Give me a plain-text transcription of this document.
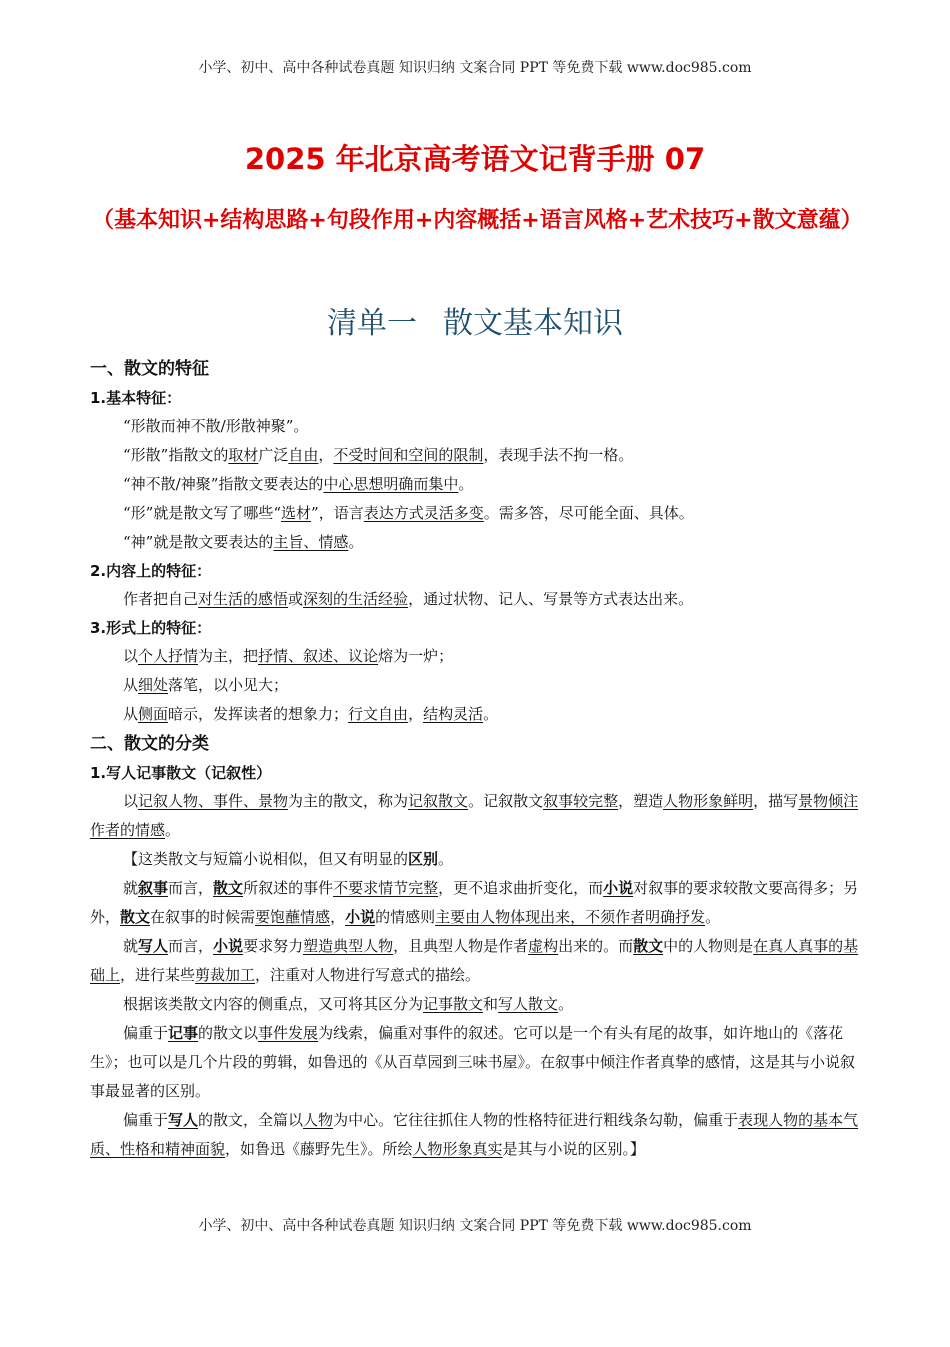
小学、初中、高中各种试卷真题 知识归纳 文案合同 PPT 等免费下载 www.doc985.com
2025 年北京高考语文记背手册 07
（基本知识+结构思路+句段作用+内容概括+语言风格+艺术技巧+散文意蕴）
清单一 散文基本知识

一、散文的特征

1.基本特征：

“形散而神不散/形散神聚”。

“形散”指散文的取材广泛自由，不受时间和空间的限制，表现手法不拘一格。

“神不散/神聚”指散文要表达的中心思想明确而集中。

“形”就是散文写了哪些“选材”，语言表达方式灵活多变。需多答，尽可能全面、具体。

“神”就是散文要表达的主旨、情感。

2.内容上的特征：

作者把自己对生活的感悟或深刻的生活经验，通过状物、记人、写景等方式表达出来。

3.形式上的特征：

以个人抒情为主，把抒情、叙述、议论熔为一炉；

从细处落笔，以小见大；

从侧面暗示，发挥读者的想象力；行文自由，结构灵活。

二、散文的分类

1.写人记事散文（记叙性）

以记叙人物、事件、景物为主的散文，称为记叙散文。记叙散文叙事较完整，塑造人物形象鲜明，描写景物倾注作者的情感。

【这类散文与短篇小说相似，但又有明显的区别。

就叙事而言，散文所叙述的事件不要求情节完整，更不追求曲折变化，而小说对叙事的要求较散文要高得多；另外，散文在叙事的时候需要饱蘸情感，小说的情感则主要由人物体现出来，不须作者明确抒发。

就写人而言，小说要求努力塑造典型人物，且典型人物是作者虚构出来的。而散文中的人物则是在真人真事的基础上，进行某些剪裁加工，注重对人物进行写意式的描绘。

根据该类散文内容的侧重点，又可将其区分为记事散文和写人散文。

偏重于记事的散文以事件发展为线索，偏重对事件的叙述。它可以是一个有头有尾的故事，如许地山的《落花生》；也可以是几个片段的剪辑，如鲁迅的《从百草园到三味书屋》。在叙事中倾注作者真挚的感情，这是其与小说叙事最显著的区别。

偏重于写人的散文，全篇以人物为中心。它往往抓住人物的性格特征进行粗线条勾勒，偏重于表现人物的基本气质、性格和精神面貌，如鲁迅《藤野先生》。所绘人物形象真实是其与小说的区别。】

小学、初中、高中各种试卷真题 知识归纳 文案合同 PPT 等免费下载 www.doc985.com
